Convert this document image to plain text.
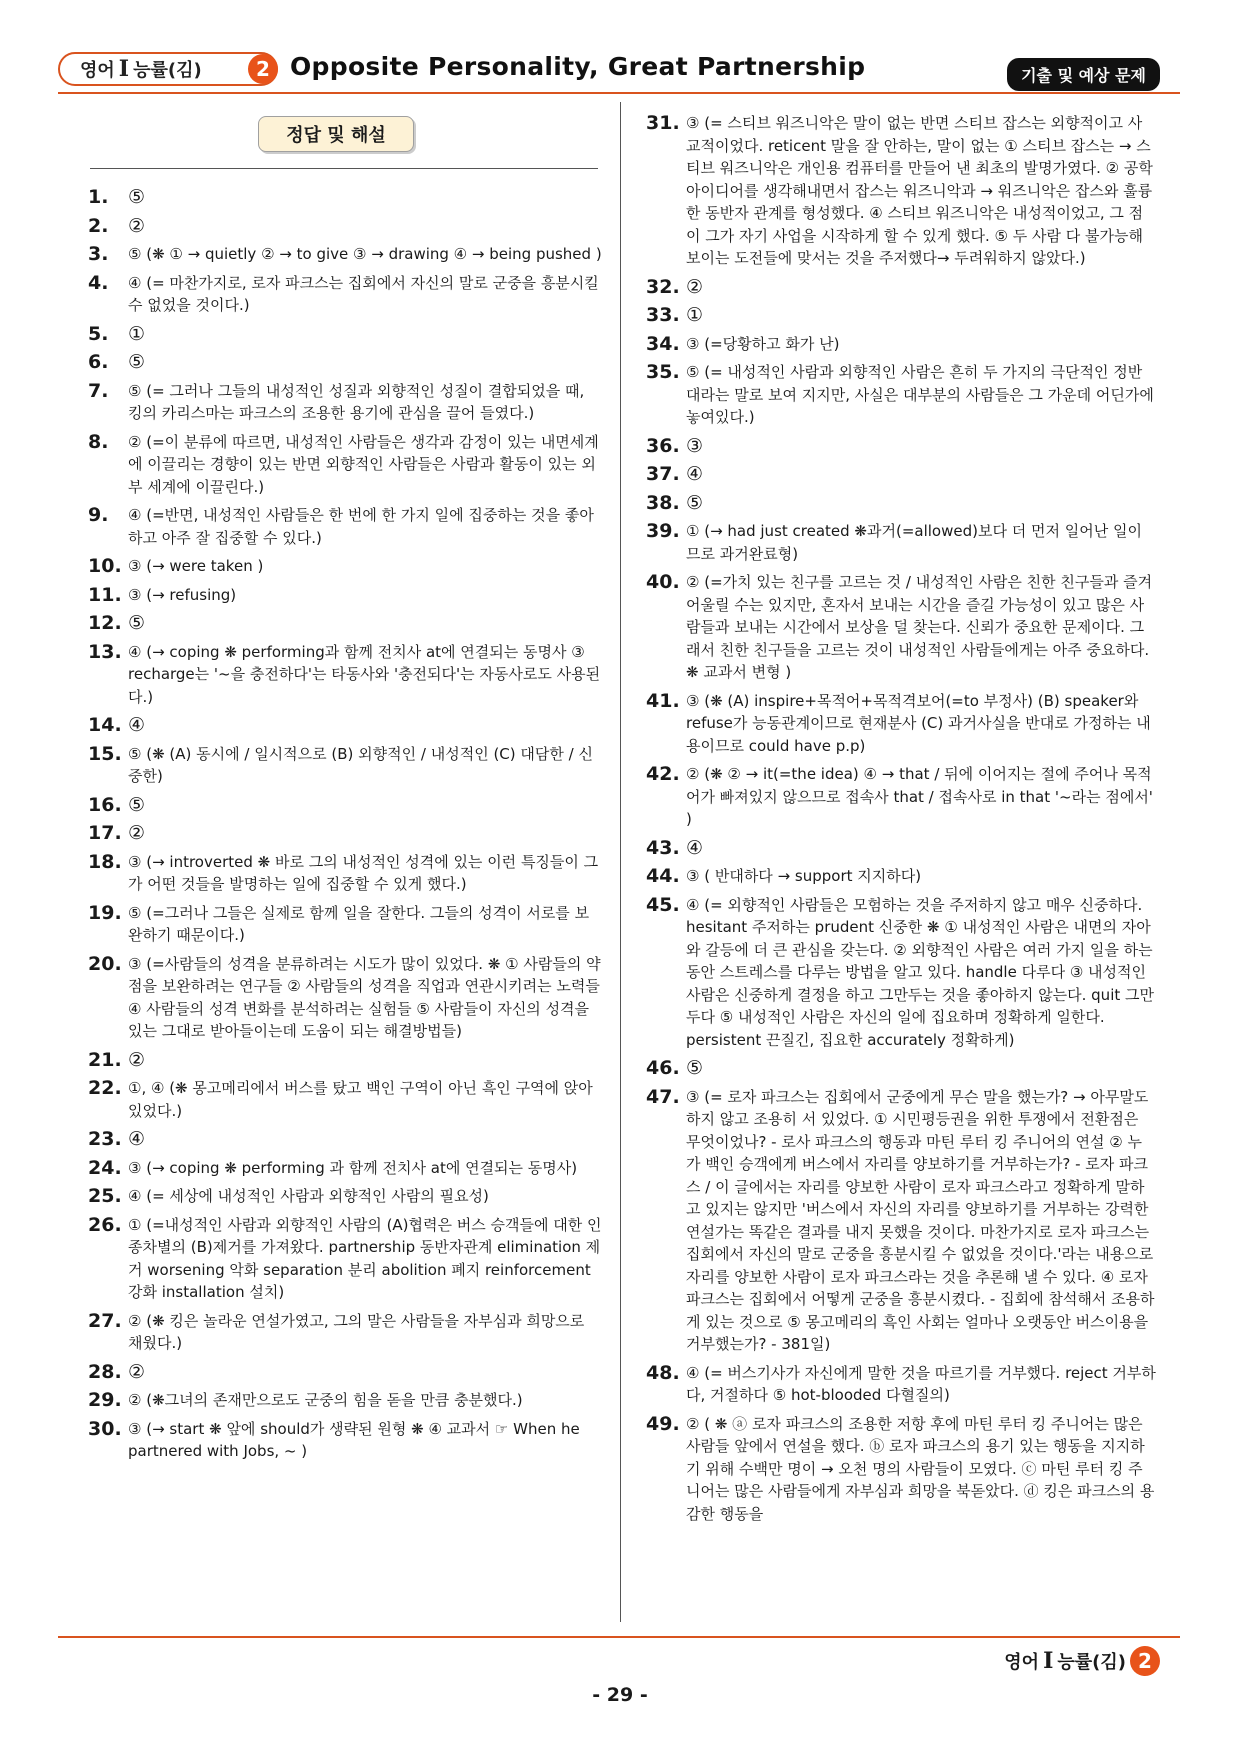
영어 I 능률(김)	2 Opposite Personality, Great Partnership	기출 및 예상 문제
정답 및 해설
1.	⑤
2.	②
3.	⑤ (❋ ① → quietly ② → to give ③ → drawing ④ → being pushed )
4.	④ (= 마찬가지로, 로자 파크스는 집회에서 자신의 말로 군중을 흥분시킬 수 없었을 것이다.)
5.	①
6.	⑤
7.	⑤ (= 그러나 그들의 내성적인 성질과 외향적인 성질이 결합되었을 때, 킹의 카리스마는 파크스의 조용한 용기에 관심을 끌어 들였다.)
8.	② (=이 분류에 따르면, 내성적인 사람들은 생각과 감정이 있는 내면세계에 이끌리는 경향이 있는 반면 외향적인 사람들은 사람과 활동이 있는 외부 세계에 이끌린다.)
9.	④ (=반면, 내성적인 사람들은 한 번에 한 가지 일에 집중하는 것을 좋아하고 아주 잘 집중할 수 있다.)
10. ③ (→ were taken )
11. ③ (→ refusing)
12. ⑤
13. ④ (→ coping ❋ performing과 함께 전치사 at에 연결되는 동명사 ③ recharge는 '~을 충전하다'는 타동사와 '충전되다'는 자동사로도 사용된다.)
14. ④
15. ⑤ (❋ (A) 동시에 / 일시적으로 (B) 외향적인 / 내성적인 (C) 대담한 / 신중한)
16. ⑤
17. ②
18. ③ (→ introverted ❋ 바로 그의 내성적인 성격에 있는 이런 특징들이 그가 어떤 것들을 발명하는 일에 집중할 수 있게 했다.)
19. ⑤ (=그러나 그들은 실제로 함께 일을 잘한다. 그들의 성격이 서로를 보완하기 때문이다.)
20. ③ (=사람들의 성격을 분류하려는 시도가 많이 있었다. ❋ ① 사람들의 약점을 보완하려는 연구들 ② 사람들의 성격을 직업과 연관시키려는 노력들 ④ 사람들의 성격 변화를 분석하려는 실험들 ⑤ 사람들이 자신의 성격을 있는 그대로 받아들이는데 도움이 되는 해결방법들)
21. ②
22. ①, ④ (❋ 몽고메리에서 버스를 탔고 백인 구역이 아닌 흑인 구역에 앉아 있었다.)
23. ④
24. ③ (→ coping ❋ performing 과 함께 전치사 at에 연결되는 동명사)
25. ④ (= 세상에 내성적인 사람과 외향적인 사람의 필요성)
26. ① (=내성적인 사람과 외향적인 사람의 (A)협력은 버스 승객들에 대한 인종차별의 (B)제거를 가져왔다. partnership 동반자관계 elimination 제거 worsening 악화 separation 분리 abolition 폐지 reinforcement 강화 installation 설치)
27. ② (❋ 킹은 놀라운 연설가였고, 그의 말은 사람들을 자부심과 희망으로 채웠다.)
28. ②
29. ② (❋그녀의 존재만으로도 군중의 힘을 돋을 만큼 충분했다.)
30. ③ (→ start ❋ 앞에 should가 생략된 원형 ❋ ④ 교과서 ☞ When he partnered with Jobs, ~ )
31. ③ (= 스티브 워즈니악은 말이 없는 반면 스티브 잡스는 외향적이고 사교적이었다. reticent 말을 잘 안하는, 말이 없는 ① 스티브 잡스는 → 스티브 워즈니악은 개인용 컴퓨터를 만들어 낸 최초의 발명가였다. ② 공학 아이디어를 생각해내면서 잡스는 워즈니악과 → 워즈니악은 잡스와 훌륭한 동반자 관계를 형성했다. ④ 스티브 워즈니악은 내성적이었고, 그 점이 그가 자기 사업을 시작하게 할 수 있게 했다. ⑤ 두 사람 다 불가능해 보이는 도전들에 맞서는 것을 주저했다→ 두려워하지 않았다.)
32. ②
33. ①
34. ③ (=당황하고 화가 난)
35. ⑤ (= 내성적인 사람과 외향적인 사람은 흔히 두 가지의 극단적인 정반대라는 말로 보여 지지만, 사실은 대부분의 사람들은 그 가운데 어딘가에 놓여있다.)
36. ③
37. ④
38. ⑤
39. ① (→ had just created ❋과거(=allowed)보다 더 먼저 일어난 일이므로 과거완료형)
40. ② (=가치 있는 친구를 고르는 것 / 내성적인 사람은 친한 친구들과 즐겨 어울릴 수는 있지만, 혼자서 보내는 시간을 즐길 가능성이 있고 많은 사람들과 보내는 시간에서 보상을 덜 찾는다. 신뢰가 중요한 문제이다. 그래서 친한 친구들을 고르는 것이 내성적인 사람들에게는 아주 중요하다. ❋ 교과서 변형 )
41. ③ (❋ (A) inspire+목적어+목적격보어(=to 부정사) (B) speaker와 refuse가 능동관계이므로 현재분사 (C) 과거사실을 반대로 가정하는 내용이므로 could have p.p)
42. ② (❋ ② → it(=the idea) ④ → that / 뒤에 이어지는 절에 주어나 목적어가 빠져있지 않으므로 접속사 that / 접속사로 in that '~라는 점에서' )
43. ④
44. ③ ( 반대하다 → support 지지하다)
45. ④ (= 외향적인 사람들은 모험하는 것을 주저하지 않고 매우 신중하다. hesitant 주저하는 prudent 신중한 ❋ ① 내성적인 사람은 내면의 자아와 갈등에 더 큰 관심을 갖는다. ② 외향적인 사람은 여러 가지 일을 하는 동안 스트레스를 다루는 방법을 알고 있다. handle 다루다 ③ 내성적인 사람은 신중하게 결정을 하고 그만두는 것을 좋아하지 않는다. quit 그만두다 ⑤ 내성적인 사람은 자신의 일에 집요하며 정확하게 일한다. persistent 끈질긴, 집요한 accurately 정확하게)
46. ⑤
47. ③ (= 로자 파크스는 집회에서 군중에게 무슨 말을 했는가? → 아무말도 하지 않고 조용히 서 있었다. ① 시민평등권을 위한 투쟁에서 전환점은 무엇이었나? - 로사 파크스의 행동과 마틴 루터 킹 주니어의 연설 ② 누가 백인 승객에게 버스에서 자리를 양보하기를 거부하는가? - 로자 파크스 / 이 글에서는 자리를 양보한 사람이 로자 파크스라고 정확하게 말하고 있지는 않지만 '버스에서 자신의 자리를 양보하기를 거부하는 강력한 연설가는 똑같은 결과를 내지 못했을 것이다. 마찬가지로 로자 파크스는 집회에서 자신의 말로 군중을 흥분시킬 수 없었을 것이다.'라는 내용으로 자리를 양보한 사람이 로자 파크스라는 것을 추론해 낼 수 있다. ④ 로자 파크스는 집회에서 어떻게 군중을 흥분시켰다. - 집회에 참석해서 조용하게 있는 것으로 ⑤ 몽고메리의 흑인 사회는 얼마나 오랫동안 버스이용을 거부했는가? - 381일)
48. ④ (= 버스기사가 자신에게 말한 것을 따르기를 거부했다. reject 거부하다, 거절하다 ⑤ hot-blooded 다혈질의)
49. ② ( ❋ ⓐ 로자 파크스의 조용한 저항 후에 마틴 루터 킹 주니어는 많은 사람들 앞에서 연설을 했다. ⓑ 로자 파크스의 용기 있는 행동을 지지하기 위해 수백만 명이 → 오천 명의 사람들이 모였다. ⓒ 마틴 루터 킹 주니어는 많은 사람들에게 자부심과 희망을 북돋았다. ⓓ 킹은 파크스의 용감한 행동을
영어 I 능률(김) 2
- 29 -
